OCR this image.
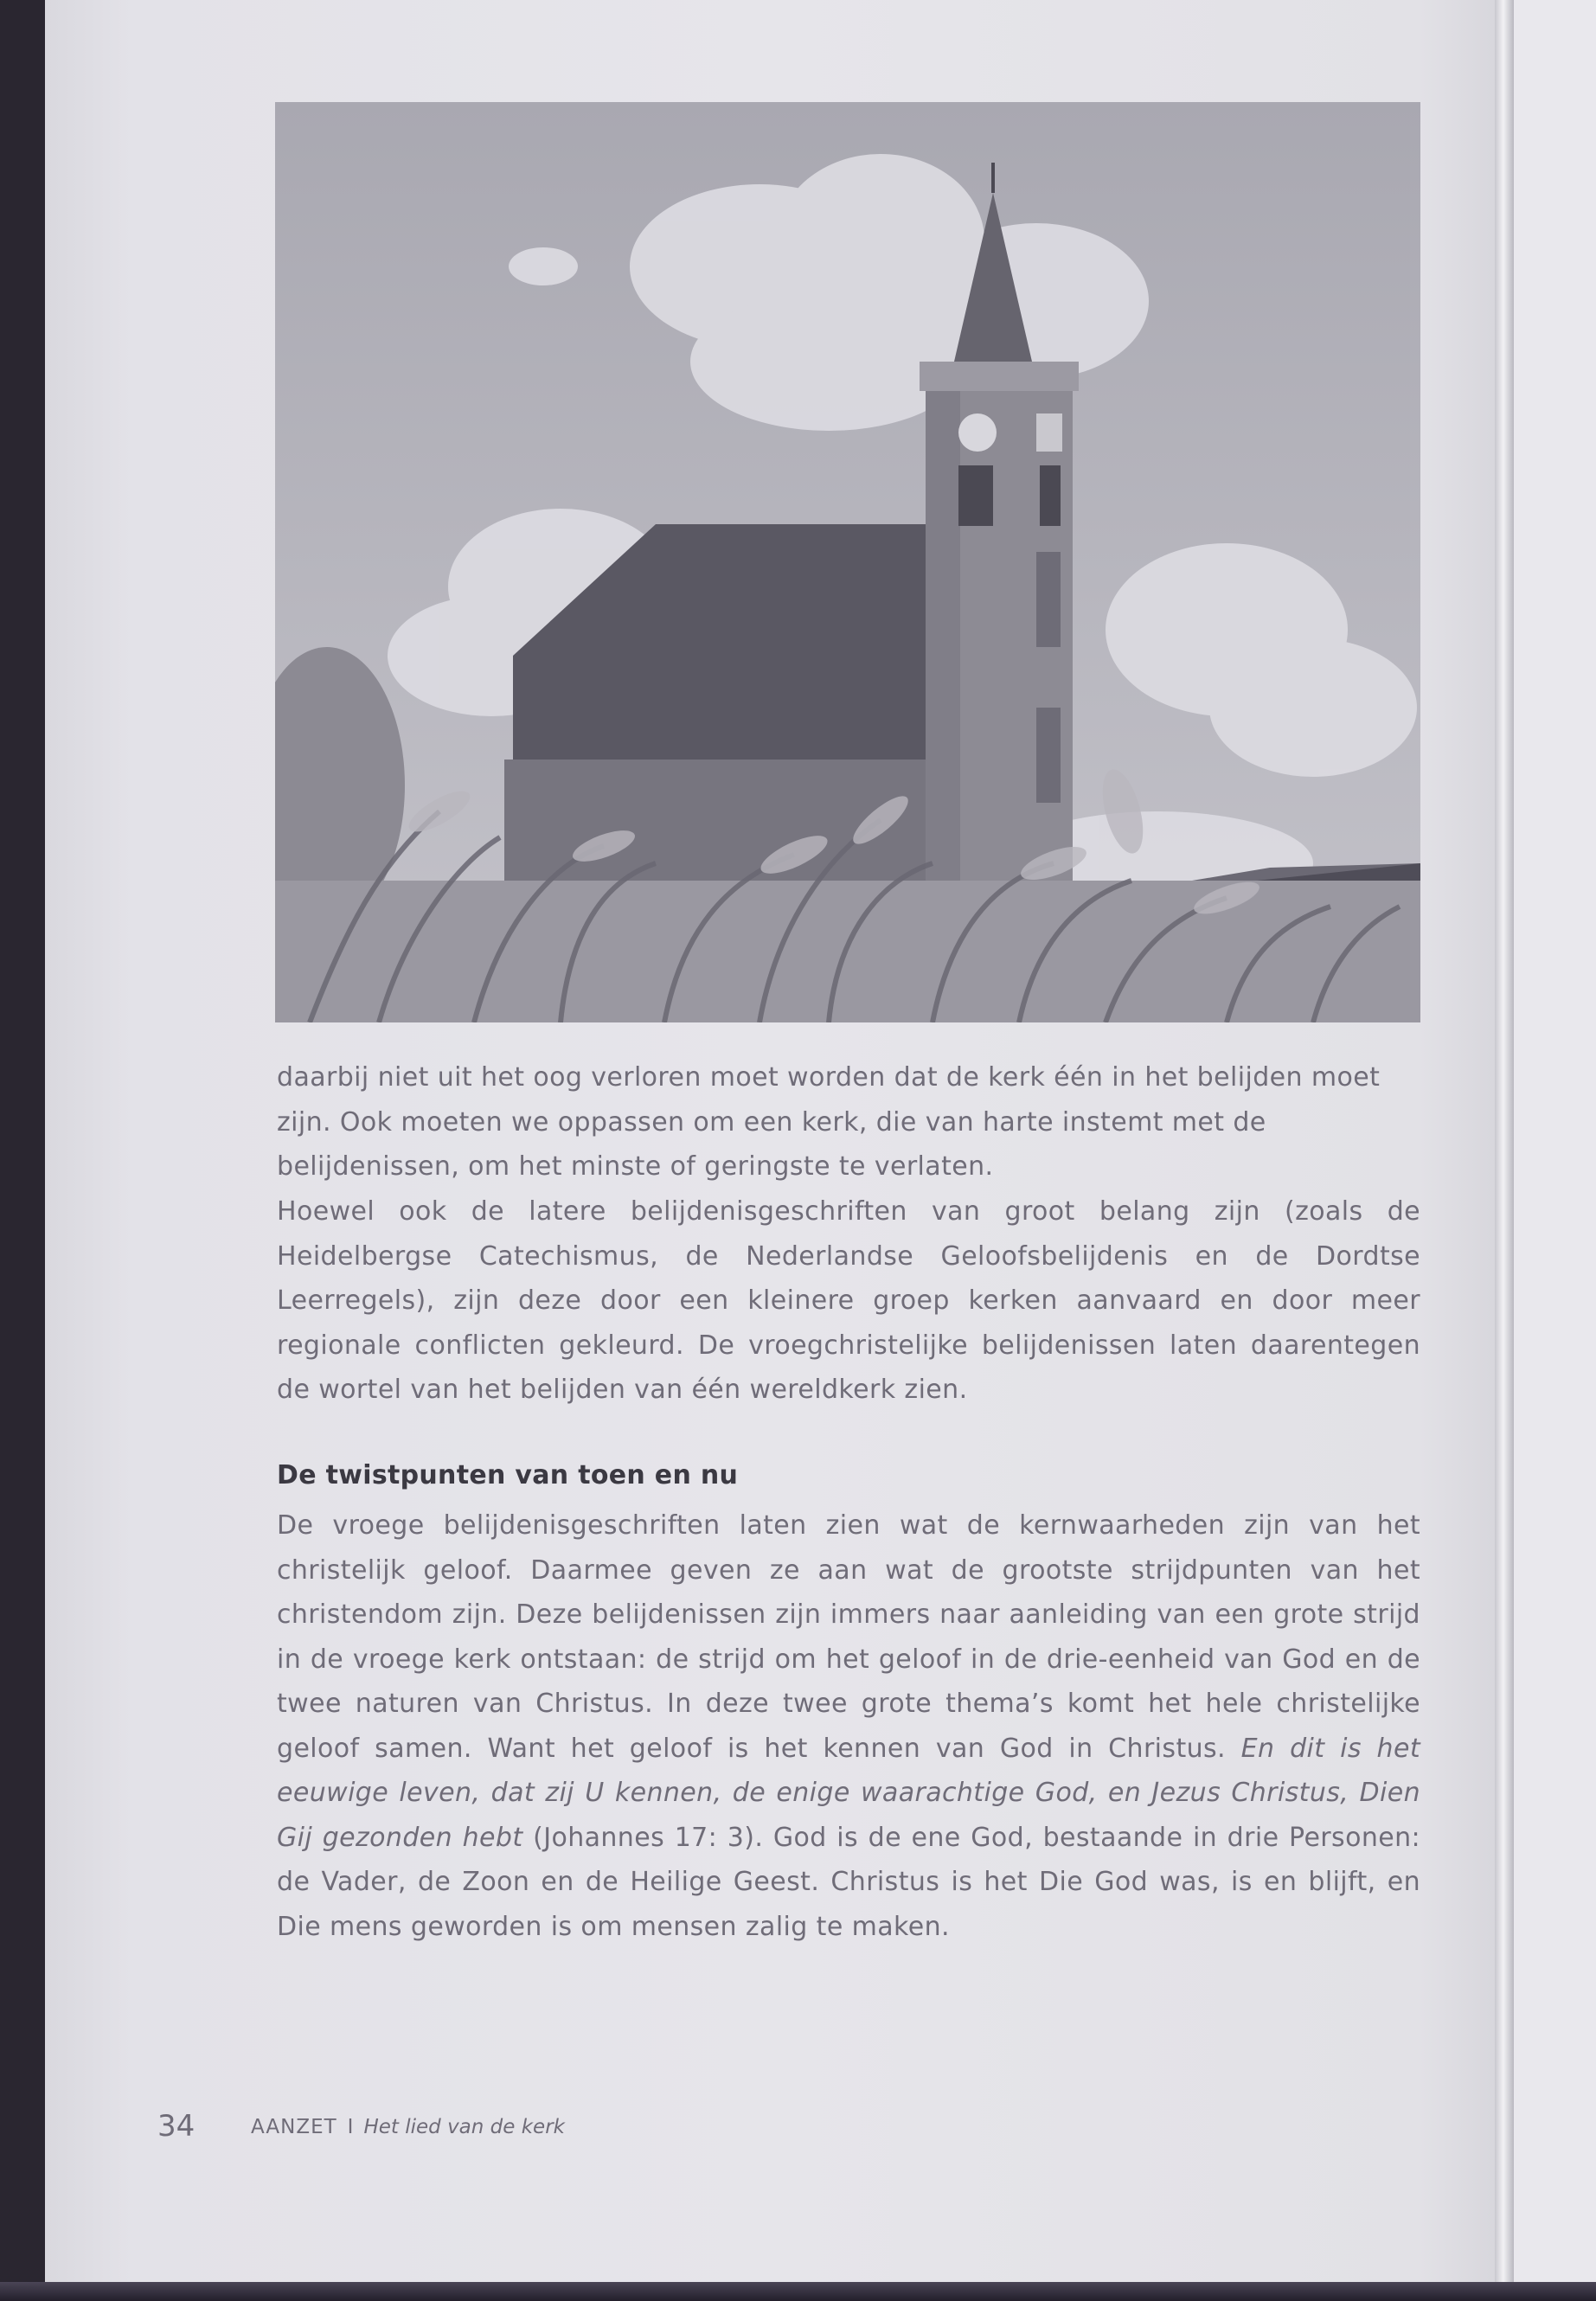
daarbij niet uit het oog verloren moet worden dat de kerk één in het belijden moet zijn. Ook moeten we oppassen om een kerk, die van harte instemt met de belijdenissen, om het minste of geringste te verlaten.
Hoewel ook de latere belijdenisgeschriften van groot belang zijn (zoals de Heidelbergse Catechismus, de Nederlandse Geloofsbelijdenis en de Dordtse Leerregels), zijn deze door een kleinere groep kerken aanvaard en door meer regionale conflicten gekleurd. De vroegchristelijke belijdenissen laten daarentegen de wortel van het belijden van één wereldkerk zien.
De twistpunten van toen en nu
De vroege belijdenisgeschriften laten zien wat de kernwaarheden zijn van het christelijk geloof. Daarmee geven ze aan wat de grootste strijdpunten van het christendom zijn. Deze belijdenissen zijn immers naar aanleiding van een grote strijd in de vroege kerk ontstaan: de strijd om het geloof in de drie-eenheid van God en de twee naturen van Christus. In deze twee grote thema’s komt het hele christelijke geloof samen. Want het geloof is het kennen van God in Christus. En dit is het eeuwige leven, dat zij U kennen, de enige waarachtige God, en Jezus Christus, Dien Gij gezonden hebt (Johannes 17: 3). God is de ene God, bestaande in drie Personen: de Vader, de Zoon en de Heilige Geest. Christus is het Die God was, is en blijft, en Die mens geworden is om mensen zalig te maken.
34	AANZET I Het lied van de kerk
